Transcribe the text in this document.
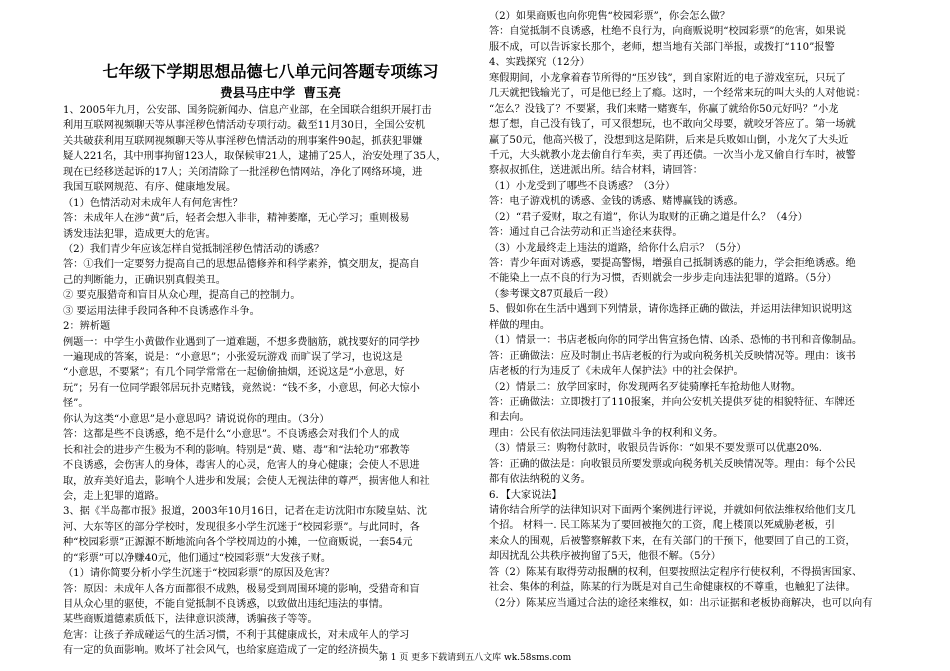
七年级下学期思想品德七八单元问答题专项练习
费县马庄中学 曹玉亮
1、2005年九月，公安部、国务院新闻办、信息产业部，在全国联合组织开展打击
利用互联网视频聊天等从事淫秽色情活动专项行动。截至11月30日，全国公安机
关共破获利用互联网视频聊天等从事淫秽色情活动的刑事案件90起，抓获犯罪嫌
疑人221名，其中刑事拘留123人，取保候审21人，逮捕了25人，治安处理了35人，
现在已经移送起诉的17人；关闭清除了一批淫秽色情网站，净化了网络环境，进
我国互联网规范、有序、健康地发展。
（1）色情活动对未成年人有何危害性？
答：未成年人在涉“黄”后，轻者会想入非非，精神萎靡，无心学习；重则极易
诱发违法犯罪，造成更大的危害。
（2）我们青少年应该怎样自觉抵制淫秽色情活动的诱惑？
答：①我们一定要努力提高自己的思想品德修养和科学素养，慎交朋友，提高自
己的判断能力，正确识别真假美丑。
② 要克服猎奇和盲目从众心理，提高自己的控制力。
③ 要运用法律手段同各种不良诱惑作斗争。
2：辨析题
例题一：中学生小黄做作业遇到了一道难题，不想多费脑筋，就找要好的同学抄
一遍现成的答案，说是：“小意思”；小张爱玩游戏 而旷误了学习，也说这是
“小意思，不要紧”；有几个同学常常在一起偷偷抽烟，还说这是“小意思，好
玩”；另有一位同学跟邻居玩扑克赌钱，竟然说：“钱不多，小意思，何必大惊小
怪”。
你认为这类“小意思”是小意思吗？请说说你的理由。（3分）
答：这都是些不良诱惑，绝不是什么“小意思”。不良诱惑会对我们个人的成
长和社会的进步产生极为不利的影响。特别是“黄、赌、毒”和“法轮功”邪教等
不良诱惑，会伤害人的身体，毒害人的心灵，危害人的身心健康；会使人不思进
取，放弃美好追去，影响个人进步和发展；会使人无视法律的尊严，损害他人和社
会，走上犯罪的道路。
3、据《半岛都市报》报道，2003年10月16日，记者在走访沈阳市东陵皇姑、沈
河、大东等区的部分学校时，发现很多小学生沉迷于“校园彩票”。与此同时，各
种“校园彩票”正源源不断地流向各个学校周边的小摊，一位商贩说，一套54元
的“彩票”可以净赚40元，他们通过“校园彩票”大发孩子财。
（1）请你简要分析小学生沉迷于“校园彩票”的原因及危害？
答：原因：未成年人各方面都很不成熟，极易受到周围环境的影响，受猎奇和盲
目从众心里的驱使，不能自觉抵制不良诱惑，以致做出违纪违法的事情。
某些商贩道德素质低下，法律意识淡薄，诱骗孩子等等。
危害：让孩子养成碰运气的生活习惯，不利于其健康成长，对未成年人的学习
有一定的负面影响。败坏了社会风气，也给家庭造成了一定的经济损失。
（2）如果商贩也向你兜售“校园彩票”，你会怎么做？
答：自觉抵制不良诱惑，杜绝不良行为，向商贩说明“校园彩票”的危害，如果说
服不成，可以告诉家长那个，老师，想当地有关部门举报，或拨打“110”报警
4、实践探究（12分）
寒假期间，小龙拿着春节所得的“压岁钱”，到自家附近的电子游戏室玩，只玩了
几天就把钱输光了，可是他已经上了瘾。这时，一个经常来玩的叫大头的人对他说：
“怎么？没钱了？不要紧，我们来赌一赌赛车，你赢了就给你50元好吗？”小龙
想了想，自己没有钱了，可又很想玩，也不敢向父母要，就咬牙答应了。第一场就
赢了50元，他高兴极了，没想到这是陷阱，后来是兵败如山倒，小龙欠了大头近
千元，大头就教小龙去偷自行车卖，卖了再还债。一次当小龙又偷自行车时，被警
察叔叔抓住，送进派出所。结合材料，请回答：
（1）小龙受到了哪些不良诱惑？（3分）
答：电子游戏机的诱惑、金钱的诱惑、赌博赢钱的诱惑。
（2）“君子爱财，取之有道”，你认为取财的正确之道是什么？（4分）
答：通过自己合法劳动和正当途径来获得。
（3）小龙最终走上违法的道路，给你什么启示？（5分）
答：青少年面对诱惑，要提高警惕，增强自己抵制诱惑的能力，学会拒绝诱惑。绝
不能染上一点不良的行为习惯，否则就会一步步走向违法犯罪的道路。（5分）
（参考课文87页最后一段）
5、假如你在生活中遇到下列情景，请你选择正确的做法，并运用法律知识说明这
样做的理由。
（1）情景一：书店老板向你的同学出售宣扬色情、凶杀、恐怖的书刊和音像制品。
答：正确做法：应及时制止书店老板的行为或向税务机关反映情况等。理由：该书
店老板的行为违反了《未成年人保护法》中的社会保护。
（2）情景二：放学回家时，你发现两名歹徒骑摩托车抢劫他人财物。
答：正确做法：立即拨打了110报案，并向公安机关提供歹徒的相貌特征、车牌还
和去向。
理由：公民有依法同违法犯罪做斗争的权利和义务。
（3）情景三：购物付款时，收银员告诉你：“如果不要发票可以优惠20%.
答：正确的做法是：向收银员所要发票或向税务机关反映情况等。理由：每个公民
都有依法纳税的义务。
6．【大家说法】
请你结合所学的法律知识对下面两个案例进行评说，并就如何依法维权给他们支几
个招。 材料一. 民工陈某为了要回被拖欠的工资，爬上楼顶以死威胁老板，引
来众人的围观，后被警察解救下来，在有关部门的干预下，他要回了自己的工资，
却因扰乱公共秩序被拘留了5天，他很不解。（5分）
答（2）陈某有取得劳动报酬的权利，但要按照法定程序行使权利，不得损害国家、
社会、集体的利益，陈某的行为既是对自己生命健康权的不尊重，也触犯了法律。
（2分）陈某应当通过合法的途径来维权，如：出示证据和老板协商解决，也可以向有
第 1 页 更多下载请到五八文库 wk.58sms.com
